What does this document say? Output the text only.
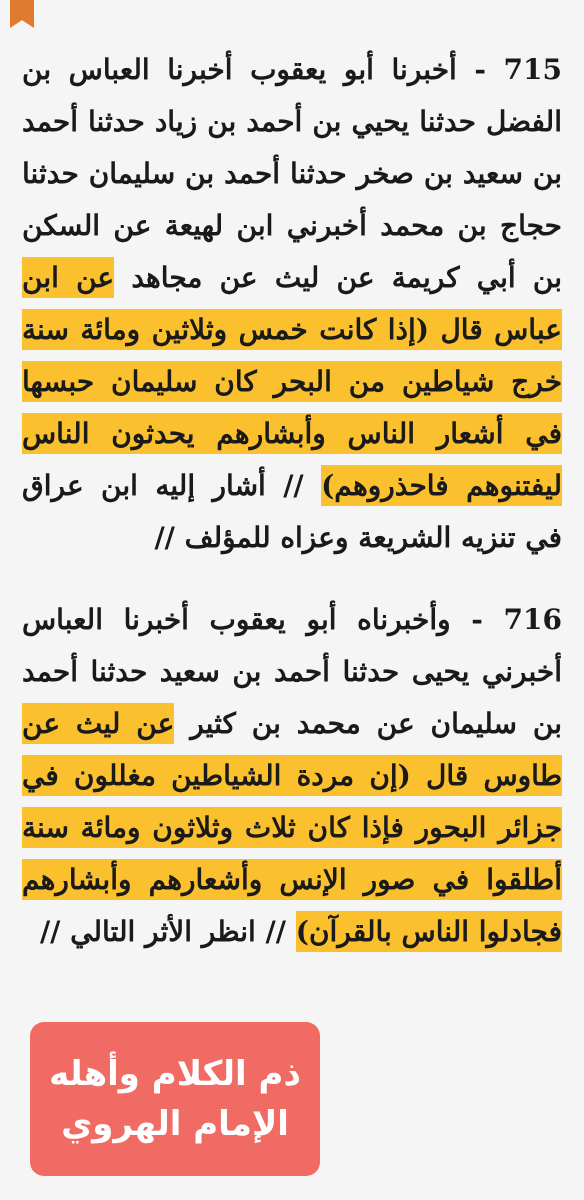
715 - أخبرنا أبو يعقوب أخبرنا العباس بن الفضل حدثنا يحيي بن أحمد بن زياد حدثنا أحمد بن سعيد بن صخر حدثنا أحمد بن سليمان حدثنا حجاج بن محمد أخبرني ابن لهيعة عن السكن بن أبي كريمة عن ليث عن مجاهد عن ابن عباس قال (إذا كانت خمس وثلاثين ومائة سنة خرج شياطين من البحر كان سليمان حبسها في أشعار الناس وأبشارهم يحدثون الناس ليفتنوهم فاحذروهم) // أشار إليه ابن عراق في تنزيه الشريعة وعزاه للمؤلف //

716 - وأخبرناه أبو يعقوب أخبرنا العباس أخبرني يحيى حدثنا أحمد بن سعيد حدثنا أحمد بن سليمان عن محمد بن كثير عن ليث عن طاوس قال (إن مردة الشياطين مغللون في جزائر البحور فإذا كان ثلاث وثلاثون ومائة سنة أطلقوا في صور الإنس وأشعارهم وأبشارهم فجادلوا الناس بالقرآن) // انظر الأثر التالي //

ذم الكلام وأهله
الإمام الهروي
